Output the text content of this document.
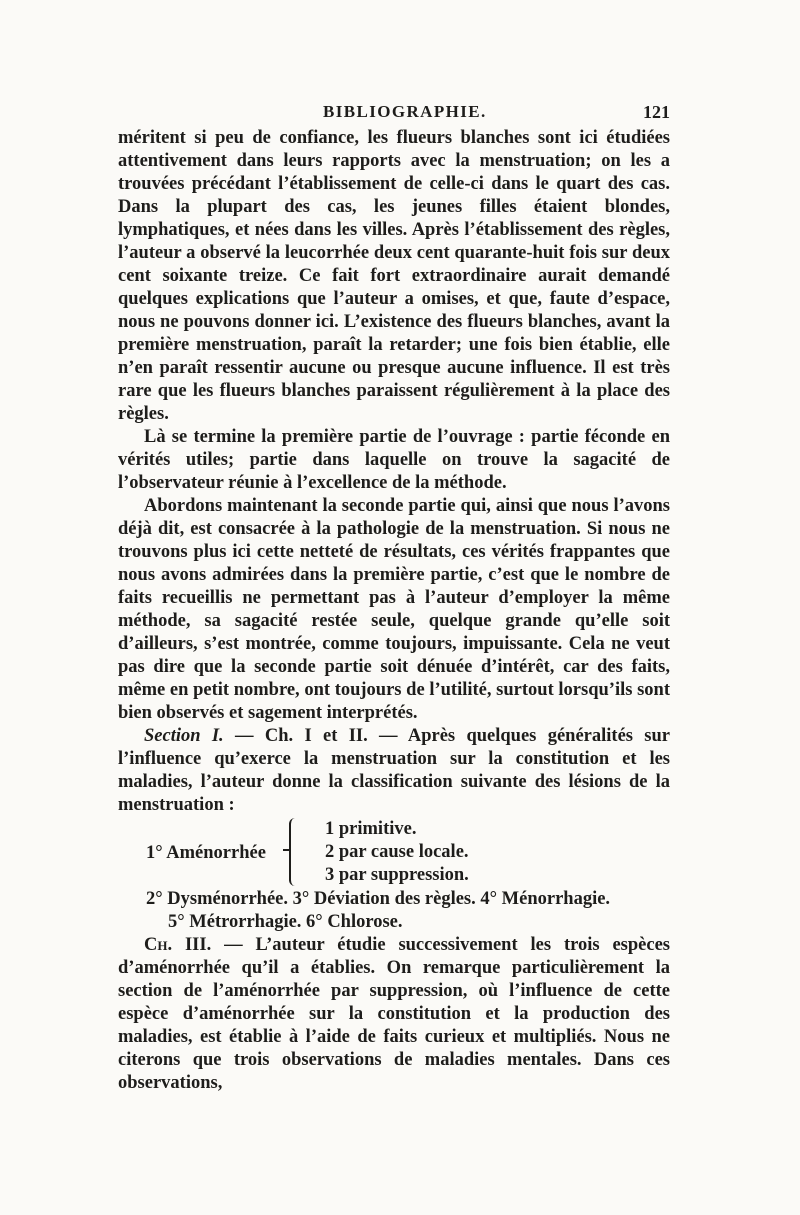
BIBLIOGRAPHIE.	121

méritent si peu de confiance, les flueurs blanches sont ici étudiées attentivement dans leurs rapports avec la menstruation; on les a trouvées précédant l’établissement de celle-ci dans le quart des cas. Dans la plupart des cas, les jeunes filles étaient blondes, lymphatiques, et nées dans les villes. Après l’établissement des règles, l’auteur a observé la leucorrhée deux cent quarante-huit fois sur deux cent soixante treize. Ce fait fort extraordinaire aurait demandé quelques explications que l’auteur a omises, et que, faute d’espace, nous ne pouvons donner ici. L’existence des flueurs blanches, avant la première menstruation, paraît la retarder; une fois bien établie, elle n’en paraît ressentir aucune ou presque aucune influence. Il est très rare que les flueurs blanches paraissent régulièrement à la place des règles.

Là se termine la première partie de l’ouvrage : partie féconde en vérités utiles; partie dans laquelle on trouve la sagacité de l’observateur réunie à l’excellence de la méthode.

Abordons maintenant la seconde partie qui, ainsi que nous l’avons déjà dit, est consacrée à la pathologie de la menstruation. Si nous ne trouvons plus ici cette netteté de résultats, ces vérités frappantes que nous avons admirées dans la première partie, c’est que le nombre de faits recueillis ne permettant pas à l’auteur d’employer la même méthode, sa sagacité restée seule, quelque grande qu’elle soit d’ailleurs, s’est montrée, comme toujours, impuissante. Cela ne veut pas dire que la seconde partie soit dénuée d’intérêt, car des faits, même en petit nombre, ont toujours de l’utilité, surtout lorsqu’ils sont bien observés et sagement interprétés.

Section I. — Ch. I et II. — Après quelques généralités sur l’influence qu’exerce la menstruation sur la constitution et les maladies, l’auteur donne la classification suivante des lésions de la menstruation :

1° Aménorrhée
1 primitive.
2 par cause locale.
3 par suppression.

2° Dysménorrhée. 3° Déviation des règles. 4° Ménorrhagie.

5° Métrorrhagie. 6° Chlorose.

Ch. III. — L’auteur étudie successivement les trois espèces d’aménorrhée qu’il a établies. On remarque particulièrement la section de l’aménorrhée par suppression, où l’influence de cette espèce d’aménorrhée sur la constitution et la production des maladies, est établie à l’aide de faits curieux et multipliés. Nous ne citerons que trois observations de maladies mentales. Dans ces observations,
